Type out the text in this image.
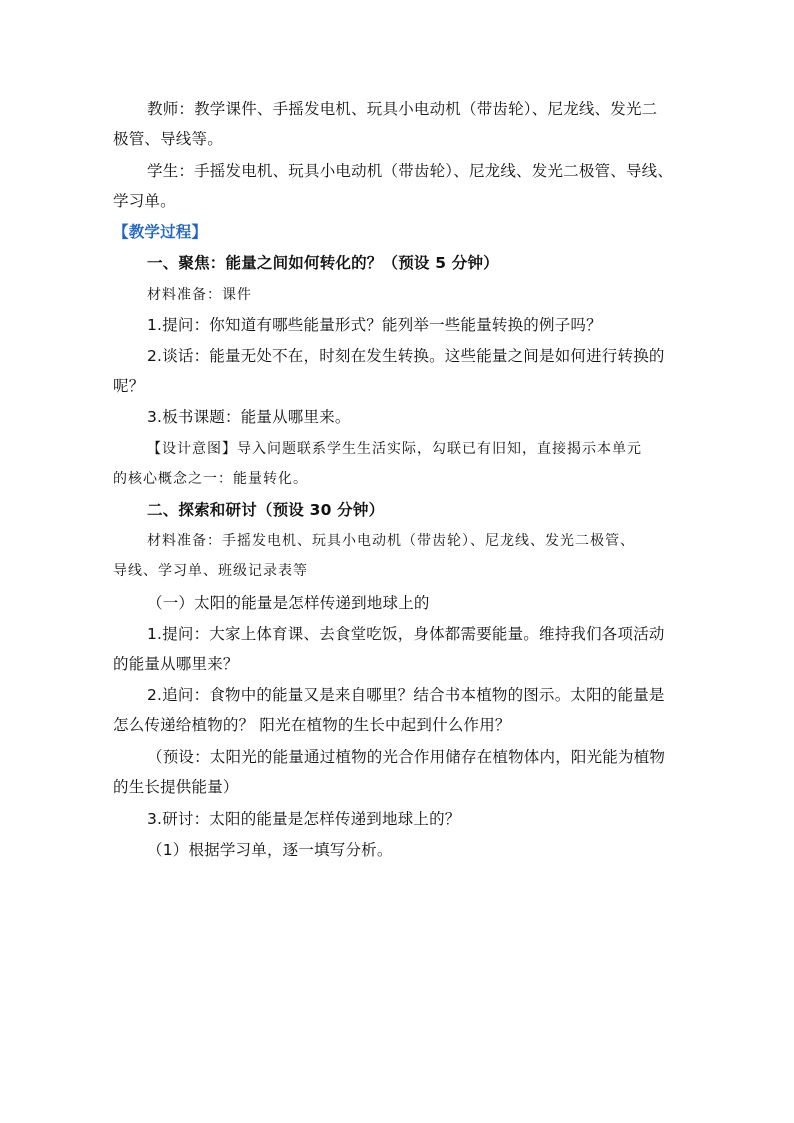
教师：教学课件、手摇发电机、玩具小电动机（带齿轮）、尼龙线、发光二
极管、导线等。
学生：手摇发电机、玩具小电动机（带齿轮）、尼龙线、发光二极管、导线、
学习单。
【教学过程】
一、聚焦：能量之间如何转化的？（预设 5 分钟）
材料准备：课件
1.提问：你知道有哪些能量形式？能列举一些能量转换的例子吗？
2.谈话：能量无处不在，时刻在发生转换。这些能量之间是如何进行转换的
呢？
3.板书课题：能量从哪里来。
【设计意图】导入问题联系学生生活实际，勾联已有旧知，直接揭示本单元
的核心概念之一：能量转化。
二、探索和研讨（预设 30 分钟）
材料准备：手摇发电机、玩具小电动机（带齿轮）、尼龙线、发光二极管、
导线、学习单、班级记录表等
（一）太阳的能量是怎样传递到地球上的
1.提问：大家上体育课、去食堂吃饭，身体都需要能量。维持我们各项活动
的能量从哪里来？
2.追问：食物中的能量又是来自哪里？结合书本植物的图示。太阳的能量是
怎么传递给植物的？ 阳光在植物的生长中起到什么作用？
（预设：太阳光的能量通过植物的光合作用储存在植物体内，阳光能为植物
的生长提供能量）
3.研讨：太阳的能量是怎样传递到地球上的？
（1）根据学习单，逐一填写分析。
